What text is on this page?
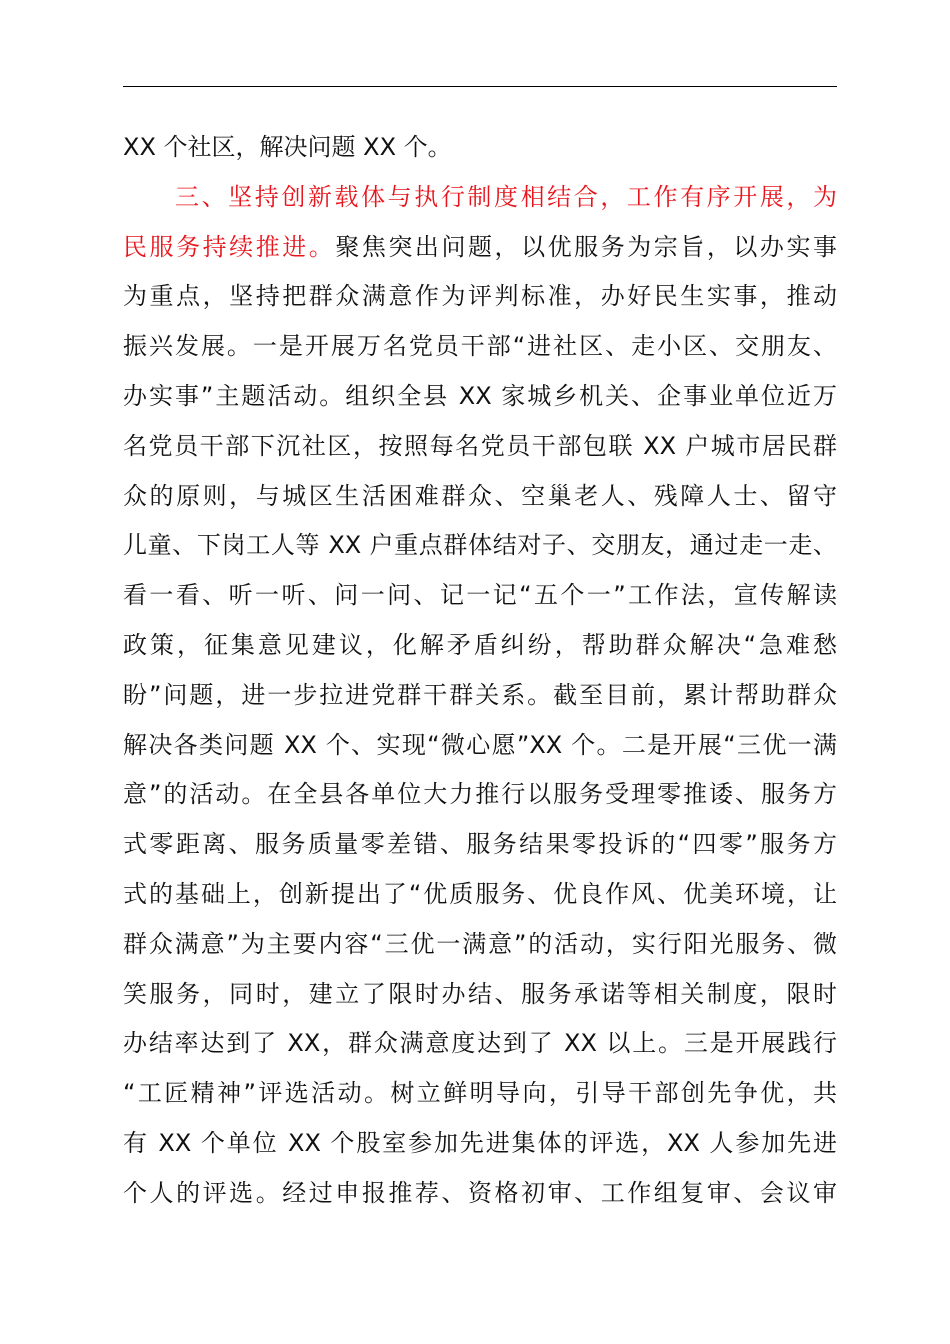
XX 个社区，解决问题 XX 个。
三、坚持创新载体与执行制度相结合，工作有序开展，为
民服务持续推进。聚焦突出问题，以优服务为宗旨，以办实事
为重点，坚持把群众满意作为评判标准，办好民生实事，推动
振兴发展。一是开展万名党员干部“进社区、走小区、交朋友、
办实事”主题活动。组织全县 XX 家城乡机关、企事业单位近万
名党员干部下沉社区，按照每名党员干部包联 XX 户城市居民群
众的原则，与城区生活困难群众、空巢老人、残障人士、留守
儿童、下岗工人等 XX 户重点群体结对子、交朋友，通过走一走、
看一看、听一听、问一问、记一记“五个一”工作法，宣传解读
政策，征集意见建议，化解矛盾纠纷，帮助群众解决“急难愁
盼”问题，进一步拉进党群干群关系。截至目前，累计帮助群众
解决各类问题 XX 个、实现“微心愿”XX 个。二是开展“三优一满
意”的活动。在全县各单位大力推行以服务受理零推诿、服务方
式零距离、服务质量零差错、服务结果零投诉的“四零”服务方
式的基础上，创新提出了“优质服务、优良作风、优美环境，让
群众满意”为主要内容“三优一满意”的活动，实行阳光服务、微
笑服务，同时，建立了限时办结、服务承诺等相关制度，限时
办结率达到了 XX，群众满意度达到了 XX 以上。三是开展践行
“工匠精神”评选活动。树立鲜明导向，引导干部创先争优，共
有 XX 个单位 XX 个股室参加先进集体的评选，XX 人参加先进
个人的评选。经过申报推荐、资格初审、工作组复审、会议审
